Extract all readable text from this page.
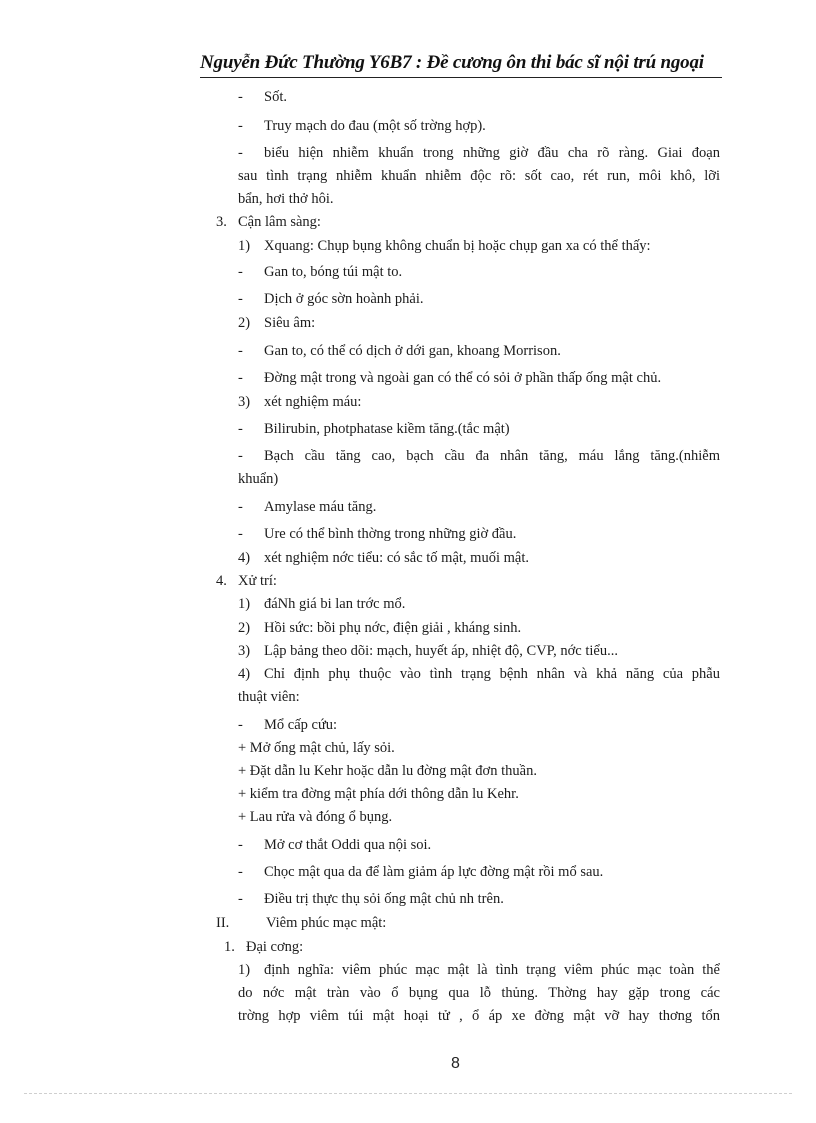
Nguyễn Đức Thường Y6B7 : Đề cương ôn thi bác sĩ nội trú ngoại
- Sốt.
- Truy mạch do đau (một số trờng hợp).
- biểu hiện nhiễm khuẩn trong những giờ đầu cha rõ ràng. Giai đoạn
sau tình trạng nhiễm khuẩn nhiễm độc rõ: sốt cao, rét run, môi khô, lỡi
bẩn, hơi thở hôi.
3. Cận lâm sàng:
1) Xquang: Chụp bụng không chuẩn bị hoặc chụp gan xa có thể thấy:
- Gan to, bóng túi mật to.
- Dịch ở góc sờn hoành phải.
2) Siêu âm:
- Gan to, có thể có dịch ở dới gan, khoang Morrison.
- Đờng mật trong và ngoài gan có thể có sỏi ở phần thấp ống mật chủ.
3) xét nghiệm máu:
- Bilirubin, photphatase kiềm tăng.(tắc mật)
- Bạch cầu tăng cao, bạch cầu đa nhân tăng, máu lắng tăng.(nhiễm
khuẩn)
- Amylase máu tăng.
- Ure có thể bình thờng trong những giờ đầu.
4) xét nghiệm nớc tiểu: có sắc tố mật, muối mật.
4. Xử trí:
1) đáNh giá bi lan trớc mổ.
2) Hồi sức: bồi phụ nớc, điện giải , kháng sinh.
3) Lập bảng theo dõi: mạch, huyết áp, nhiệt độ, CVP, nớc tiểu...
4) Chỉ định phụ thuộc vào tình trạng bệnh nhân và khả năng của phẫu
thuật viên:
- Mổ cấp cứu:
+ Mở ống mật chủ, lấy sỏi.
+ Đặt dẫn lu Kehr hoặc dẫn lu đờng mật đơn thuần.
+ kiểm tra đờng mật phía dới thông dẫn lu Kehr.
+ Lau rửa và đóng ổ bụng.
- Mở cơ thắt Oddi qua nội soi.
- Chọc mật qua da để làm giảm áp lực đờng mật rồi mổ sau.
- Điều trị thực thụ sỏi ống mật chủ nh trên.
II.	Viêm phúc mạc mật:
1. Đại cơng:
1) định nghĩa: viêm phúc mạc mật là tình trạng viêm phúc mạc toàn thể
do nớc mật tràn vào ổ bụng qua lỗ thủng. Thờng hay gặp trong các
trờng hợp viêm túi mật hoại tử , ổ áp xe đờng mật vỡ hay thơng tổn
8
